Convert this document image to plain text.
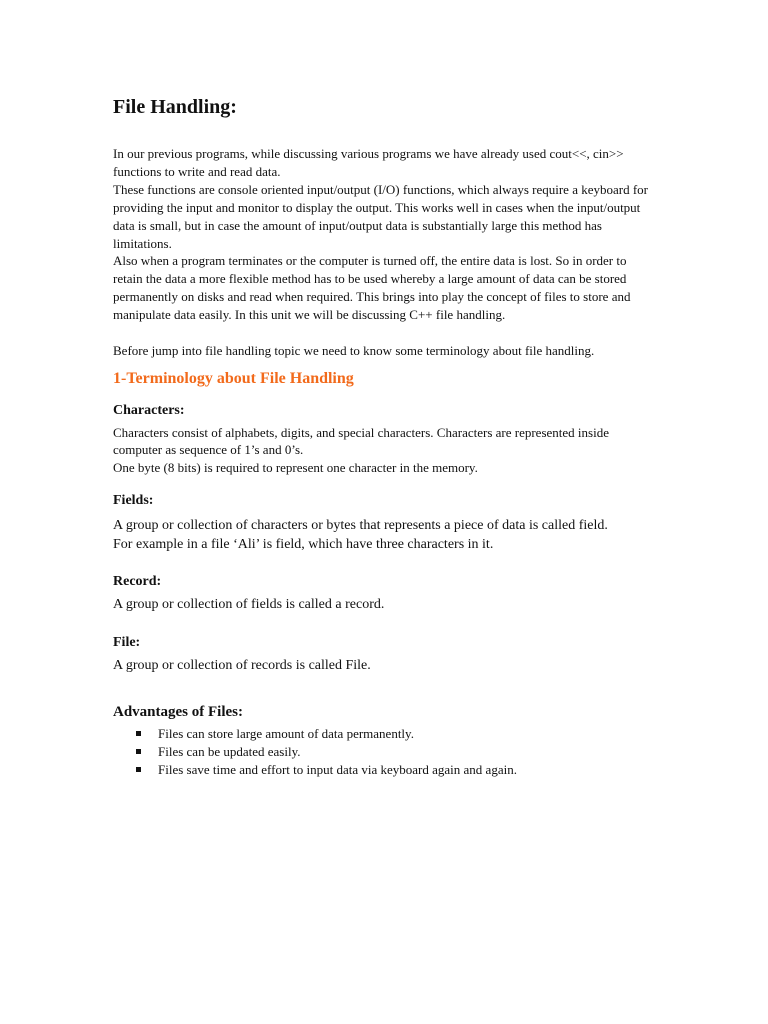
File Handling:

In our previous programs, while discussing various programs we have already used cout<<, cin>> functions to write and read data.

These functions are console oriented input/output (I/O) functions, which always require a keyboard for providing the input and monitor to display the output. This works well in cases when the input/output data is small, but in case the amount of input/output data is substantially large this method has limitations.

Also when a program terminates or the computer is turned off, the entire data is lost. So in order to retain the data a more flexible method has to be used whereby a large amount of data can be stored permanently on disks and read when required. This brings into play the concept of files to store and manipulate data easily. In this unit we will be discussing C++ file handling.

Before jump into file handling topic we need to know some terminology about file handling.

1-Terminology about File Handling
Characters:

Characters consist of alphabets, digits, and special characters. Characters are represented inside computer as sequence of 1’s and 0’s.

One byte (8 bits) is required to represent one character in the memory.

Fields:

A group or collection of characters or bytes that represents a piece of data is called field.

For example in a file ‘Ali’ is field, which have three characters in it.

Record:

A group or collection of fields is called a record.

File:

A group or collection of records is called File.

Advantages of Files:
Files can store large amount of data permanently.
Files can be updated easily.
Files save time and effort to input data via keyboard again and again.
